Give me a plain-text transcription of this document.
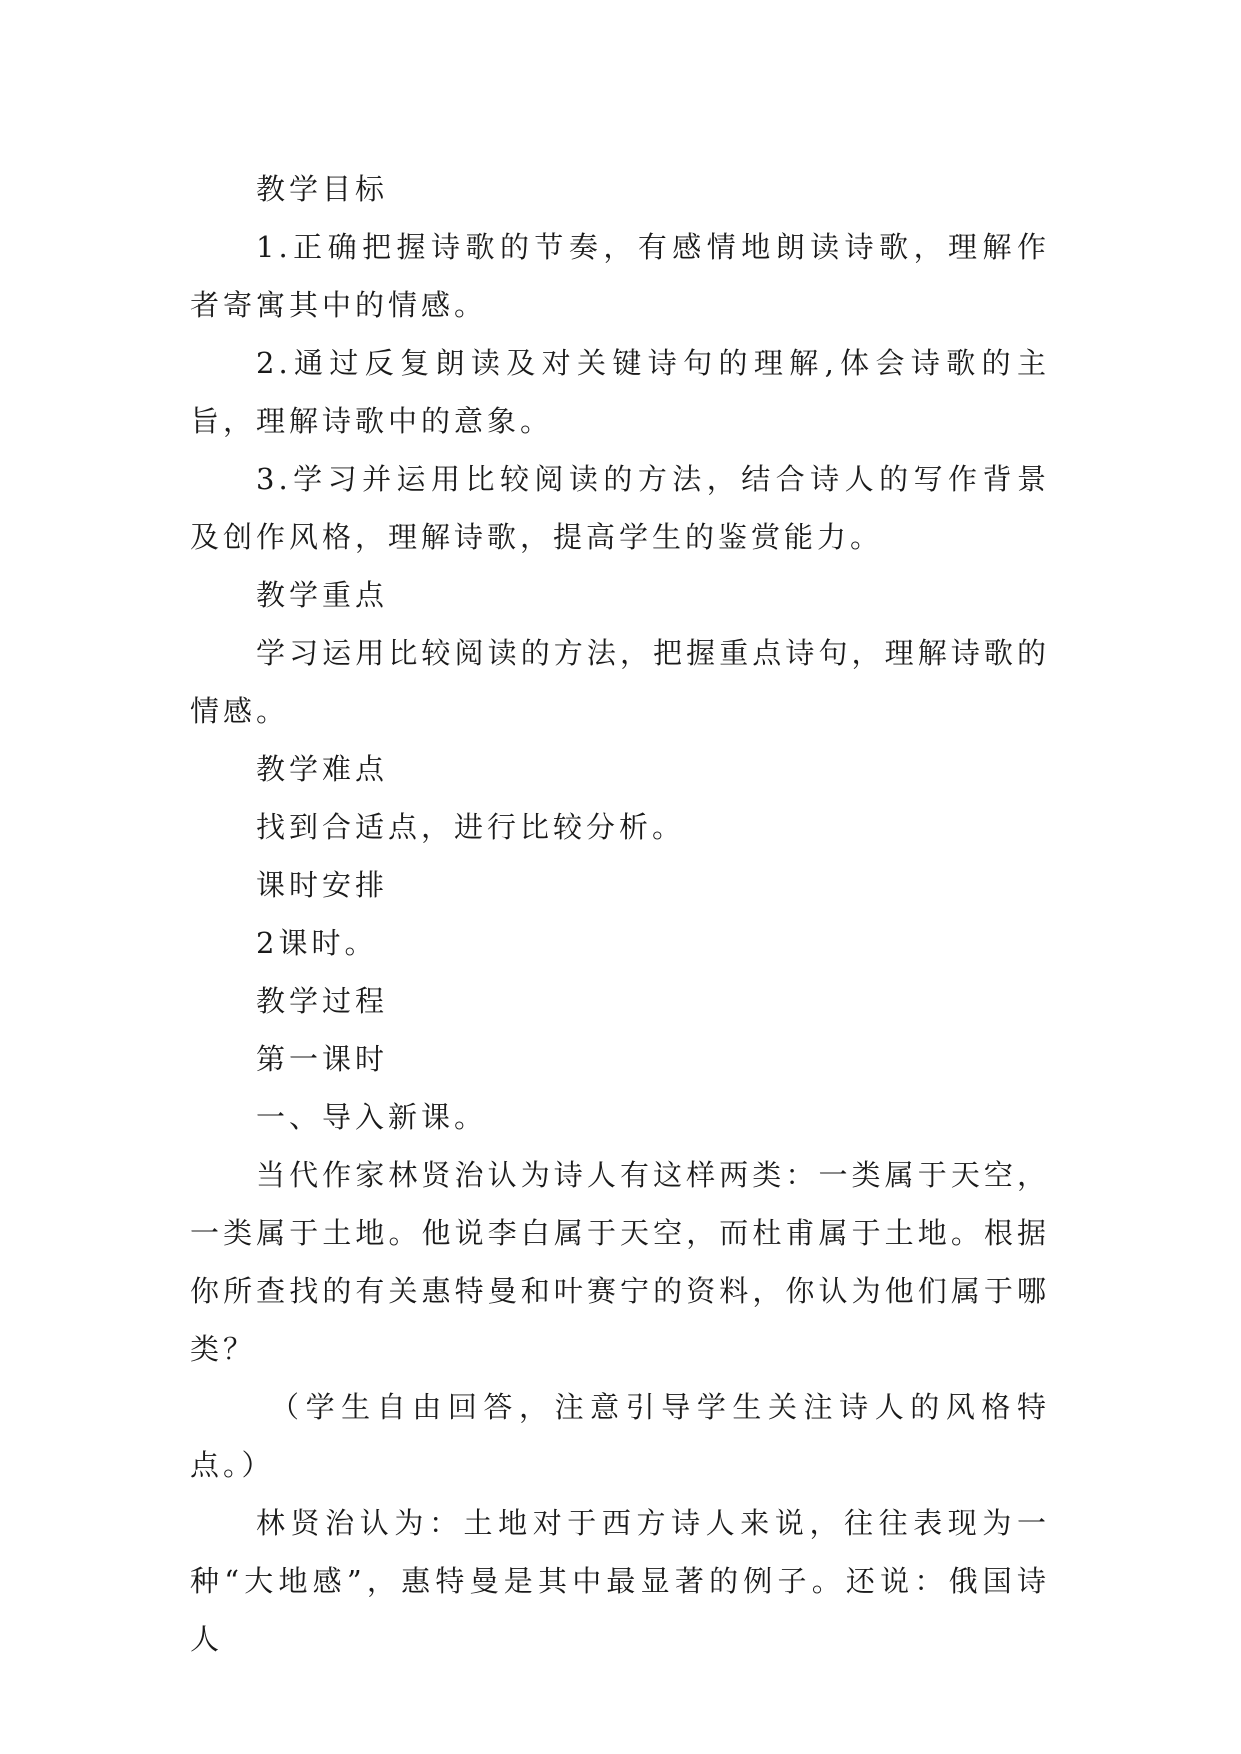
教学目标

1.正确把握诗歌的节奏，有感情地朗读诗歌，理解作者寄寓其中的情感。

2.通过反复朗读及对关键诗句的理解,体会诗歌的主旨，理解诗歌中的意象。

3.学习并运用比较阅读的方法，结合诗人的写作背景及创作风格，理解诗歌，提高学生的鉴赏能力。

教学重点

学习运用比较阅读的方法，把握重点诗句，理解诗歌的情感。

教学难点

找到合适点，进行比较分析。

课时安排

2课时。

教学过程

第一课时

一、导入新课。

当代作家林贤治认为诗人有这样两类：一类属于天空，一类属于土地。他说李白属于天空，而杜甫属于土地。根据你所查找的有关惠特曼和叶赛宁的资料，你认为他们属于哪类？

（学生自由回答，注意引导学生关注诗人的风格特点。）

林贤治认为：土地对于西方诗人来说，往往表现为一种“大地感”，惠特曼是其中最显著的例子。还说：俄国诗人
